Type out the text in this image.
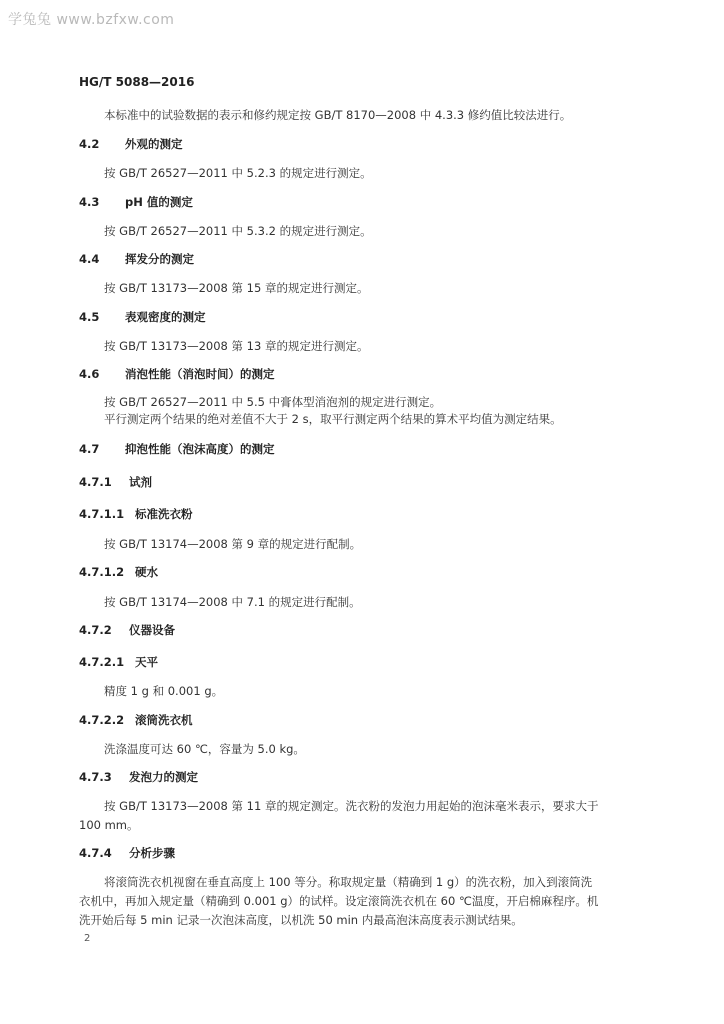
学兔兔 www.bzfxw.com
HG/T 5088—2016
本标准中的试验数据的表示和修约规定按 GB/T 8170—2008 中 4.3.3 修约值比较法进行。
4.2 外观的测定
按 GB/T 26527—2011 中 5.2.3 的规定进行测定。
4.3 pH 值的测定
按 GB/T 26527—2011 中 5.3.2 的规定进行测定。
4.4 挥发分的测定
按 GB/T 13173—2008 第 15 章的规定进行测定。
4.5 表观密度的测定
按 GB/T 13173—2008 第 13 章的规定进行测定。
4.6 消泡性能（消泡时间）的测定
按 GB/T 26527—2011 中 5.5 中膏体型消泡剂的规定进行测定。
平行测定两个结果的绝对差值不大于 2 s，取平行测定两个结果的算术平均值为测定结果。
4.7 抑泡性能（泡沫高度）的测定
4.7.1 试剂
4.7.1.1 标准洗衣粉
按 GB/T 13174—2008 第 9 章的规定进行配制。
4.7.1.2 硬水
按 GB/T 13174—2008 中 7.1 的规定进行配制。
4.7.2 仪器设备
4.7.2.1 天平
精度 1 g 和 0.001 g。
4.7.2.2 滚筒洗衣机
洗涤温度可达 60 ℃，容量为 5.0 kg。
4.7.3 发泡力的测定
按 GB/T 13173—2008 第 11 章的规定测定。洗衣粉的发泡力用起始的泡沫毫米表示，要求大于
100 mm。
4.7.4 分析步骤
将滚筒洗衣机视窗在垂直高度上 100 等分。称取规定量（精确到 1 g）的洗衣粉，加入到滚筒洗
衣机中，再加入规定量（精确到 0.001 g）的试样。设定滚筒洗衣机在 60 ℃温度，开启棉麻程序。机
洗开始后每 5 min 记录一次泡沫高度，以机洗 50 min 内最高泡沫高度表示测试结果。
2
